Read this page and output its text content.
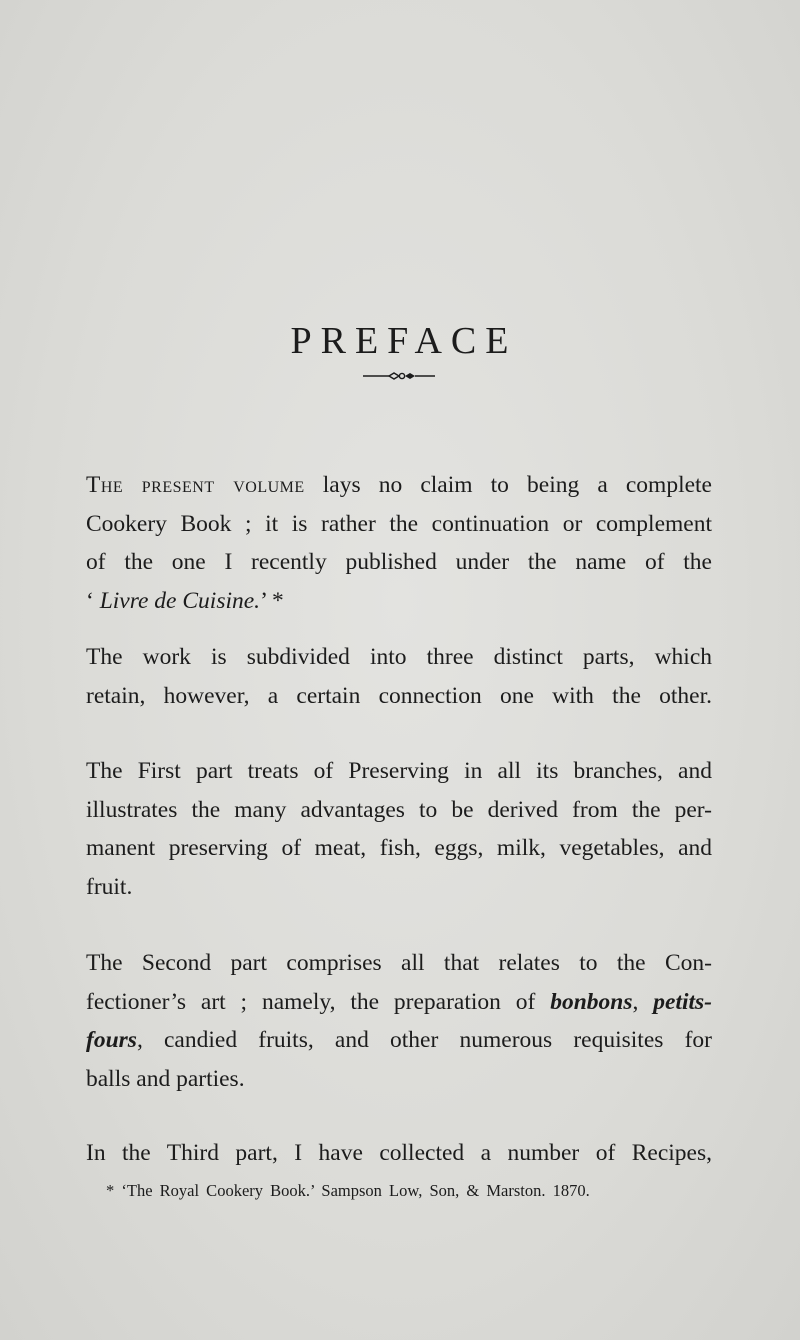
PREFACE
The present volume lays no claim to being a complete
Cookery Book ; it is rather the continuation or complement
of the one I recently published under the name of the
‘ Livre de Cuisine.’ *
The work is subdivided into three distinct parts, which
retain, however, a certain connection one with the other.
The First part treats of Preserving in all its branches, and
illustrates the many advantages to be derived from the per-
manent preserving of meat, fish, eggs, milk, vegetables, and
fruit.
The Second part comprises all that relates to the Con-
fectioner’s art ; namely, the preparation of bonbons, petits-
fours, candied fruits, and other numerous requisites for
balls and parties.
In the Third part, I have collected a number of Recipes,
* ‘The Royal Cookery Book.’ Sampson Low, Son, & Marston. 1870.
